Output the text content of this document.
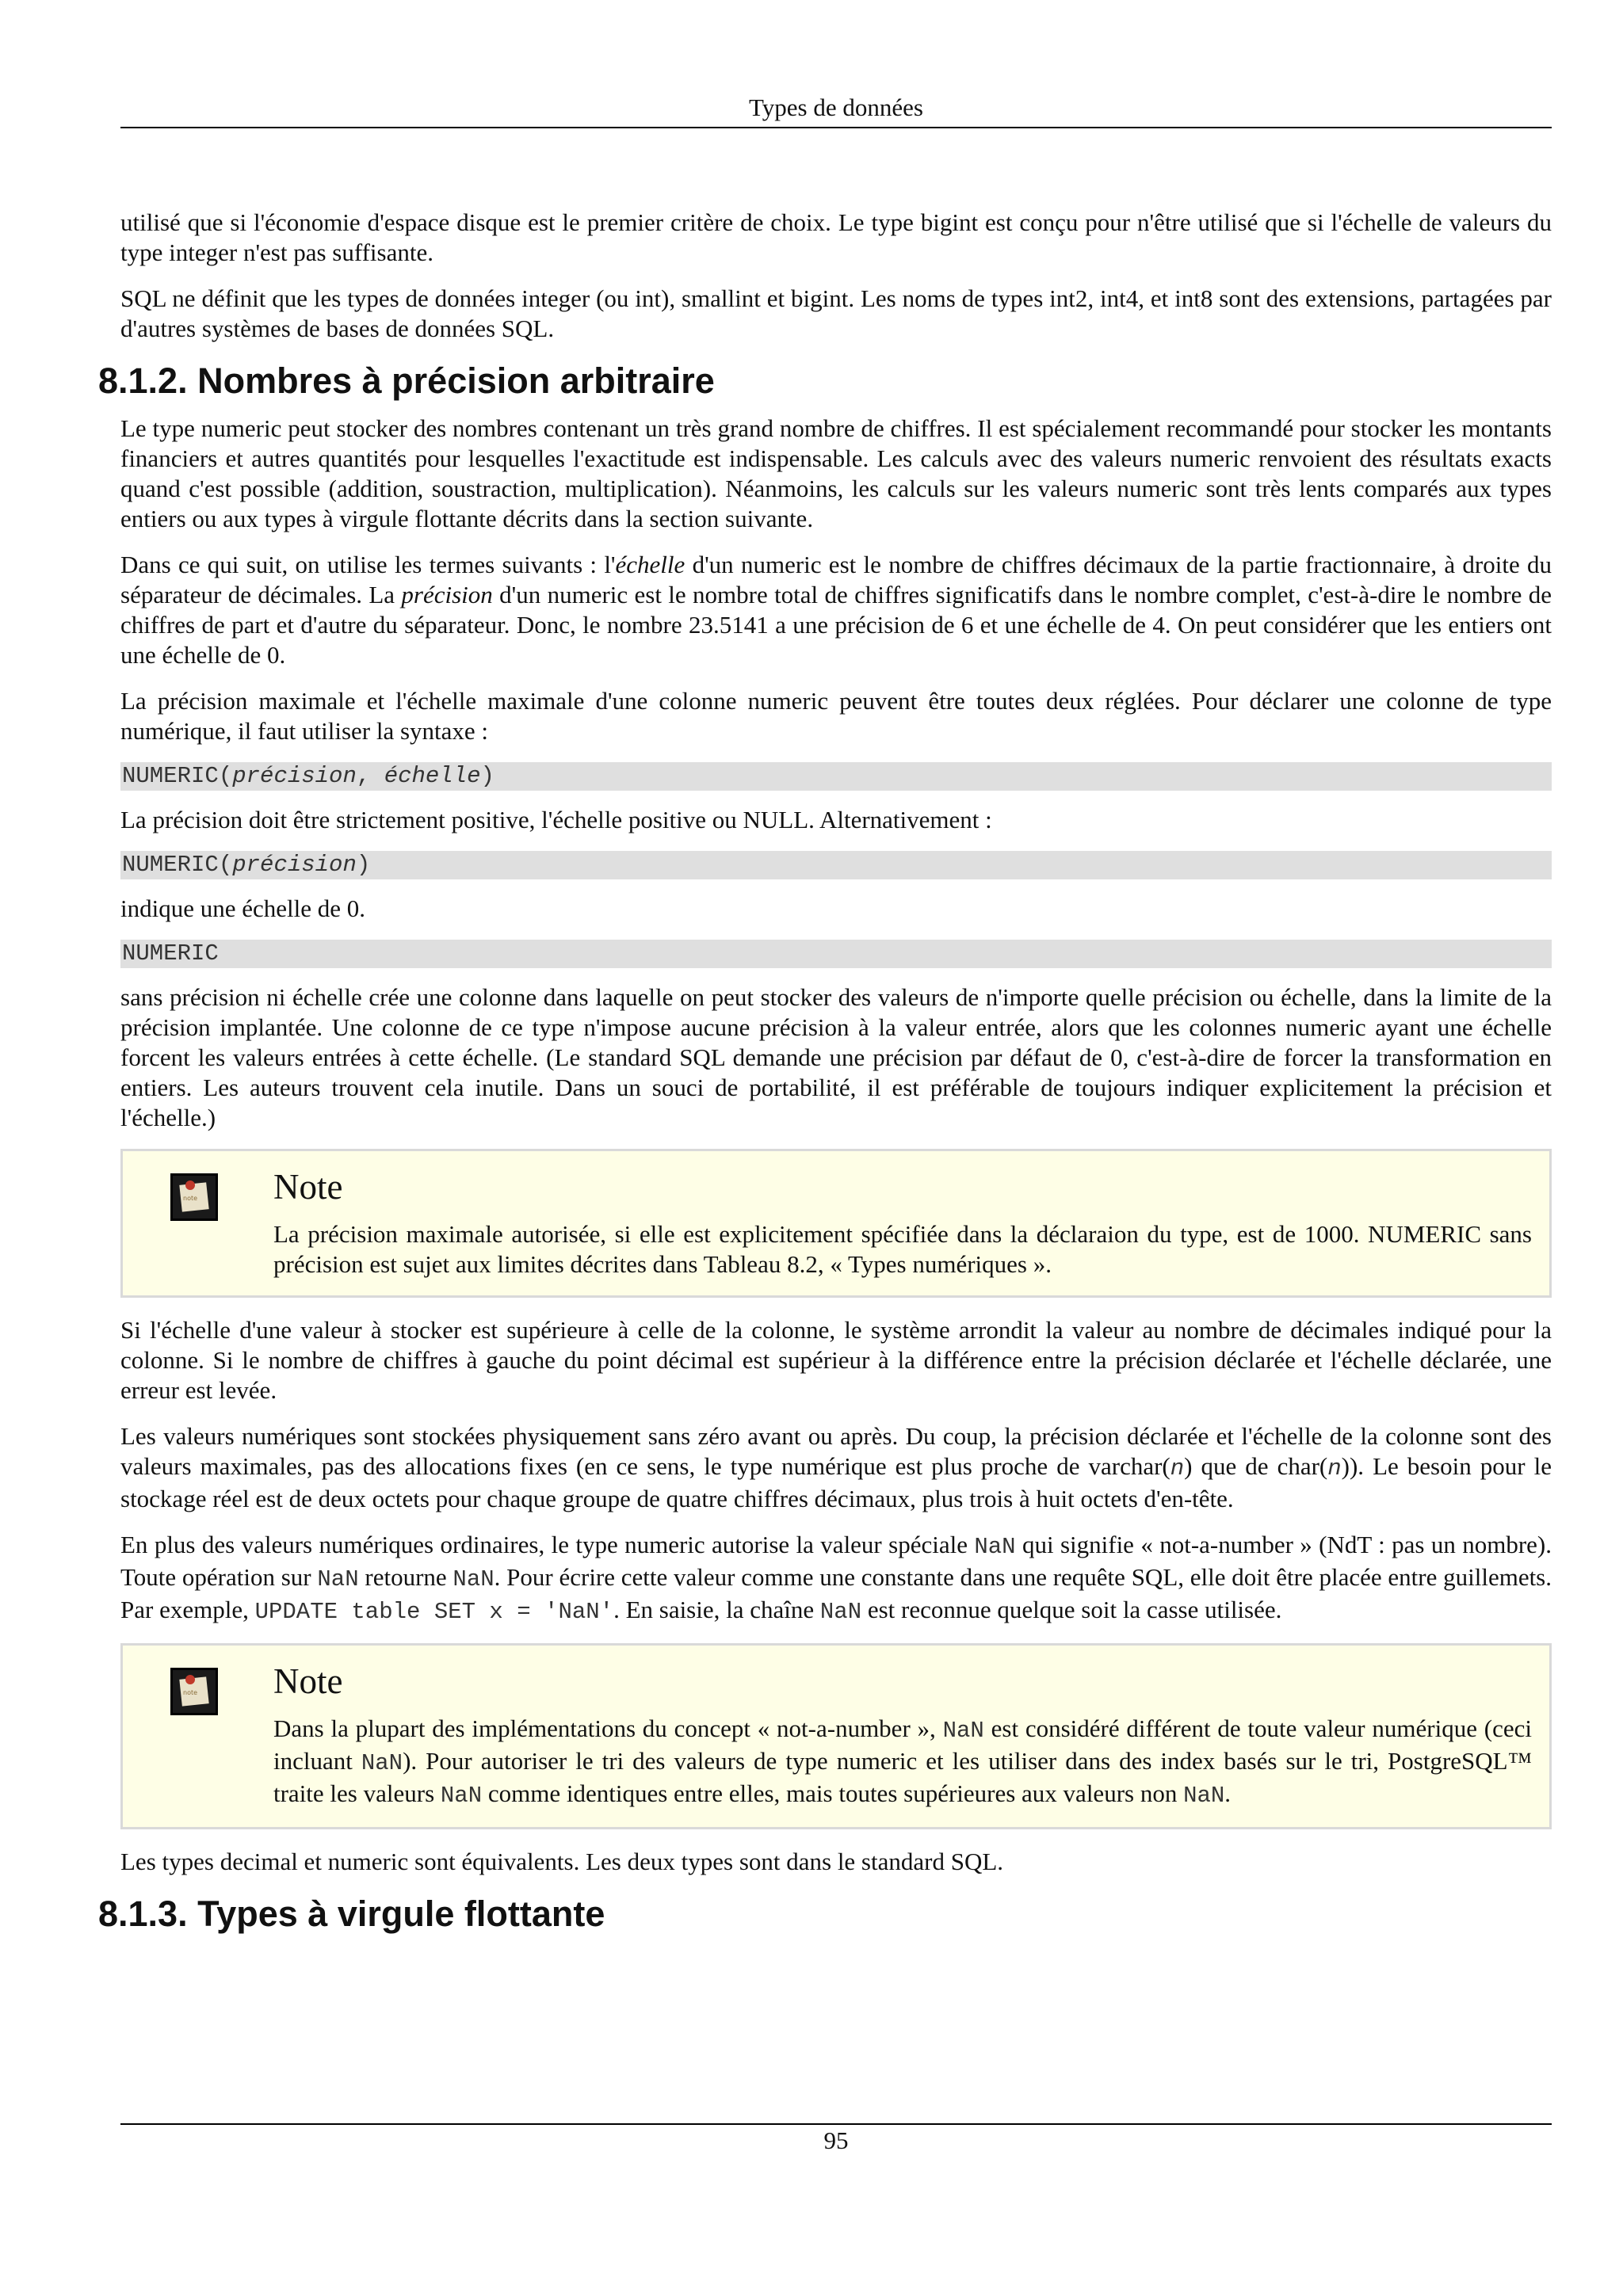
Types de données

utilisé que si l'économie d'espace disque est le premier critère de choix. Le type bigint est conçu pour n'être utilisé que si l'échelle de valeurs du type integer n'est pas suffisante.

SQL ne définit que les types de données integer (ou int), smallint et bigint. Les noms de types int2, int4, et int8 sont des extensions, partagées par d'autres systèmes de bases de données SQL.

8.1.2. Nombres à précision arbitraire

Le type numeric peut stocker des nombres contenant un très grand nombre de chiffres. Il est spécialement recommandé pour stocker les montants financiers et autres quantités pour lesquelles l'exactitude est indispensable. Les calculs avec des valeurs numeric renvoient des résultats exacts quand c'est possible (addition, soustraction, multiplication). Néanmoins, les calculs sur les valeurs numeric sont très lents comparés aux types entiers ou aux types à virgule flottante décrits dans la section suivante.

Dans ce qui suit, on utilise les termes suivants : l'échelle d'un numeric est le nombre de chiffres décimaux de la partie fractionnaire, à droite du séparateur de décimales. La précision d'un numeric est le nombre total de chiffres significatifs dans le nombre complet, c'est-à-dire le nombre de chiffres de part et d'autre du séparateur. Donc, le nombre 23.5141 a une précision de 6 et une échelle de 4. On peut considérer que les entiers ont une échelle de 0.

La précision maximale et l'échelle maximale d'une colonne numeric peuvent être toutes deux réglées. Pour déclarer une colonne de type numérique, il faut utiliser la syntaxe :

NUMERIC(précision, échelle)

La précision doit être strictement positive, l'échelle positive ou NULL. Alternativement :

NUMERIC(précision)

indique une échelle de 0.

NUMERIC

sans précision ni échelle crée une colonne dans laquelle on peut stocker des valeurs de n'importe quelle précision ou échelle, dans la limite de la précision implantée. Une colonne de ce type n'impose aucune précision à la valeur entrée, alors que les colonnes numeric ayant une échelle forcent les valeurs entrées à cette échelle. (Le standard SQL demande une précision par défaut de 0, c'est-à-dire de forcer la transformation en entiers. Les auteurs trouvent cela inutile. Dans un souci de portabilité, il est préférable de toujours indiquer explicitement la précision et l'échelle.)

note Note

La précision maximale autorisée, si elle est explicitement spécifiée dans la déclaraion du type, est de 1000. NUMERIC sans précision est sujet aux limites décrites dans Tableau 8.2, « Types numériques ».

Si l'échelle d'une valeur à stocker est supérieure à celle de la colonne, le système arrondit la valeur au nombre de décimales indiqué pour la colonne. Si le nombre de chiffres à gauche du point décimal est supérieur à la différence entre la précision déclarée et l'échelle déclarée, une erreur est levée.

Les valeurs numériques sont stockées physiquement sans zéro avant ou après. Du coup, la précision déclarée et l'échelle de la colonne sont des valeurs maximales, pas des allocations fixes (en ce sens, le type numérique est plus proche de varchar(n) que de char(n)). Le besoin pour le stockage réel est de deux octets pour chaque groupe de quatre chiffres décimaux, plus trois à huit octets d'en-tête.

En plus des valeurs numériques ordinaires, le type numeric autorise la valeur spéciale NaN qui signifie « not-a-number » (NdT : pas un nombre). Toute opération sur NaN retourne NaN. Pour écrire cette valeur comme une constante dans une requête SQL, elle doit être placée entre guillemets. Par exemple, UPDATE table SET x = 'NaN'. En saisie, la chaîne NaN est reconnue quelque soit la casse utilisée.

note Note

Dans la plupart des implémentations du concept « not-a-number », NaN est considéré différent de toute valeur numérique (ceci incluant NaN). Pour autoriser le tri des valeurs de type numeric et les utiliser dans des index basés sur le tri, PostgreSQL™ traite les valeurs NaN comme identiques entre elles, mais toutes supérieures aux valeurs non NaN.

Les types decimal et numeric sont équivalents. Les deux types sont dans le standard SQL.

8.1.3. Types à virgule flottante
95
